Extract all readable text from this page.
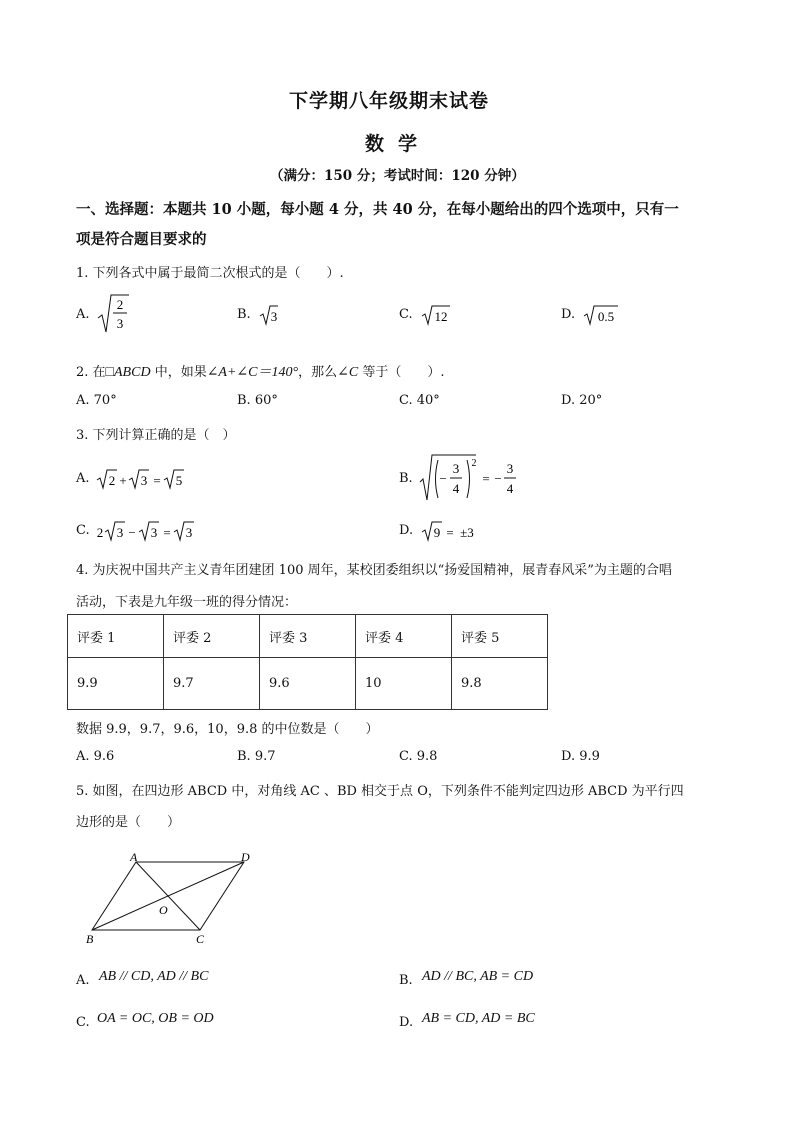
下学期八年级期末试卷
数学
（满分：150 分；考试时间：120 分钟）
一、选择题：本题共 10 小题，每小题 4 分，共 40 分，在每小题给出的四个选项中，只有一
项是符合题目要求的
1. 下列各式中属于最简二次根式的是（　　）.
A.
2
3
B. 3	C. 12	D. 0.5
2. 在□ABCD 中，如果∠A+∠C＝140°，那么∠C 等于（　　）.
A. 70°	B. 60°	C. 40°	D. 20°
3. 下列计算正确的是（　）
A. 2 + 3 = 5	B. −
3
4
2
= −
3
4
C. 2 3 − 3 = 3	D. 9 = ±3
4. 为庆祝中国共产主义青年团建团 100 周年，某校团委组织以“扬爱国精神，展青春风采”为主题的合唱
活动，下表是九年级一班的得分情况：
评委 1	评委 2	评委 3	评委 4	评委 5
9.9	9.7	9.6	10	9.8
数据 9.9，9.7，9.6，10，9.8 的中位数是（　　）
A. 9.6	B. 9.7	C. 9.8	D. 9.9
5. 如图，在四边形 ABCD 中，对角线 AC 、BD 相交于点 O，下列条件不能判定四边形 ABCD 为平行四
边形的是（　　）
A	D
B	C
O
A. AB // CD, AD // BC	B. AD // BC, AB = CD
C. OA = OC, OB = OD	D. AB = CD, AD = BC
